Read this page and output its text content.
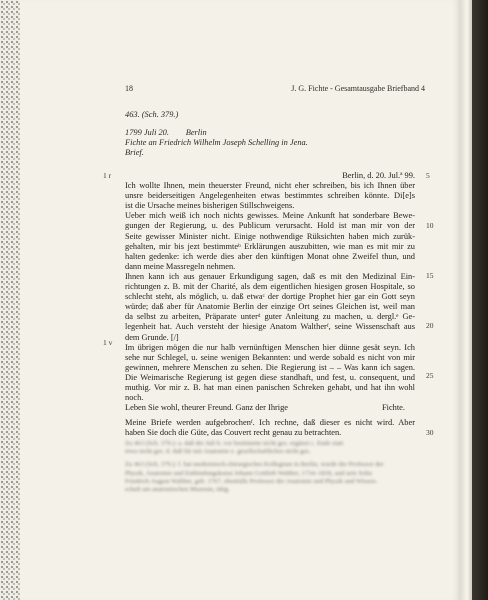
18	J. G. Fichte - Gesamtausgabe Briefband 4
463. (Sch. 379.)
1799 Juli 20.        Berlin
Fichte an Friedrich Wilhelm Joseph Schelling in Jena.
Brief.
1 r
1 v
5
10
15
20
25
30
Berlin, d. 20. Jul.ª 99.
Ich wollte Ihnen, mein theuerster Freund, nicht eher schreiben, bis ich Ihnen über
unsre beiderseitigen Angelegenheiten etwas bestimmtes schreiben könnte. Di[e]s
ist die Ursache meines bisherigen Stillschweigens.
Ueber mich weiß ich noch nichts gewisses. Meine Ankunft hat sonderbare Bewe-
gungen der Regierung, u. des Publicum verursacht. Hold ist man mir von der
Seite gewisser Minister nicht. Einige nothwendige Rüksichten haben mich zurük-
gehalten, mir bis jezt bestimmteᵇ Erklärungen auszubitten, wie man es mit mir zu
halten gedenke: ich werde dies aber den künftigen Monat ohne Zweifel thun, und
dann meine Massregeln nehmen.
Ihnen kann ich aus genauer Erkundigung sagen, daß es mit den Medizinal Ein-
richtungen z. B. mit der Charité, als dem eigentlichen hiesigen grosen Hospitale, so
schlecht steht, als möglich, u. daß etwaᶜ der dortige Prophet hier gar ein Gott seyn
würde; daß aber für Anatomie Berlin der einzige Ort seines Gleichen ist, weil man
da selbst zu arbeiten, Präparate unterᵈ guter Anleitung zu machen, u. dergl.ᵉ Ge-
legenheit hat. Auch versteht der hiesige Anatom Waltherᶠ, seine Wissenschaft aus
dem Grunde. [/]
Im übrigen mögen die nur halb vernünftigen Menschen hier dünne gesät seyn. Ich
sehe nur Schlegel, u. seine wenigen Bekannten: und werde sobald es nicht von mir
gewinnen, mehrere Menschen zu sehen. Die Regierung ist – – Was kann ich sagen.
Die Weimarische Regierung ist gegen diese standhaft, und fest, u. consequent, und
muthig. Vor mir z. B. hat man einen panischen Schreken gehabt, und hat ihn wohl
noch.
Leben Sie wohl, theurer Freund. Ganz der Ihrige	Fichte.
Meine Briefe werden aufgebrochenᶠ. Ich rechne, daß dieser es nicht wird. Aber
haben Sie doch die Güte, das Couvert recht genau zu betrachten.
Zu 463 (Sch. 379.): a. daß der Juli b. vor bestimmte nicht ges. ergänzt c. Ende statt
etwa nicht ges. d. daß für mit Anatomie e. gesellschaftliches nicht ges.
Zu 463 (Sch. 379.): f. hat medizinisch-chirurgisches Kollegium in Berlin, wurde der Professor der
Physik, Anatomie und Entbindungskunst Johann Gottlieb Walther, 1734–1818, und sein Sohn
Friedrich August Walther, geb. 1767, ebenfalls Professor der Anatomie und Physik und Wissen-
schaft am anatomischen Museum, tätig.
